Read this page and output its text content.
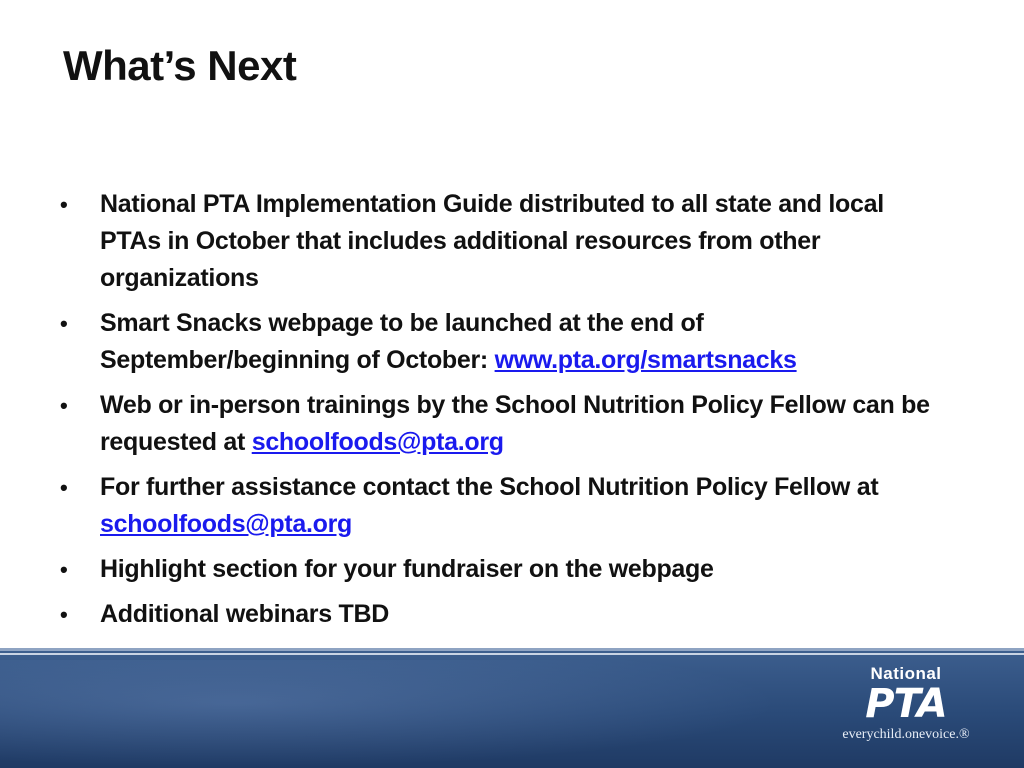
What’s Next
• National PTA Implementation Guide distributed to all state and local PTAs in October that includes additional resources from other organizations
• Smart Snacks webpage to be launched at the end of September/beginning of October: www.pta.org/smartsnacks
• Web or in-person trainings by the School Nutrition Policy Fellow can be requested at schoolfoods@pta.org
• For further assistance contact the School Nutrition Policy Fellow at schoolfoods@pta.org
• Highlight section for your fundraiser on the webpage
• Additional webinars TBD
National
PTA
everychild.onevoice.®
